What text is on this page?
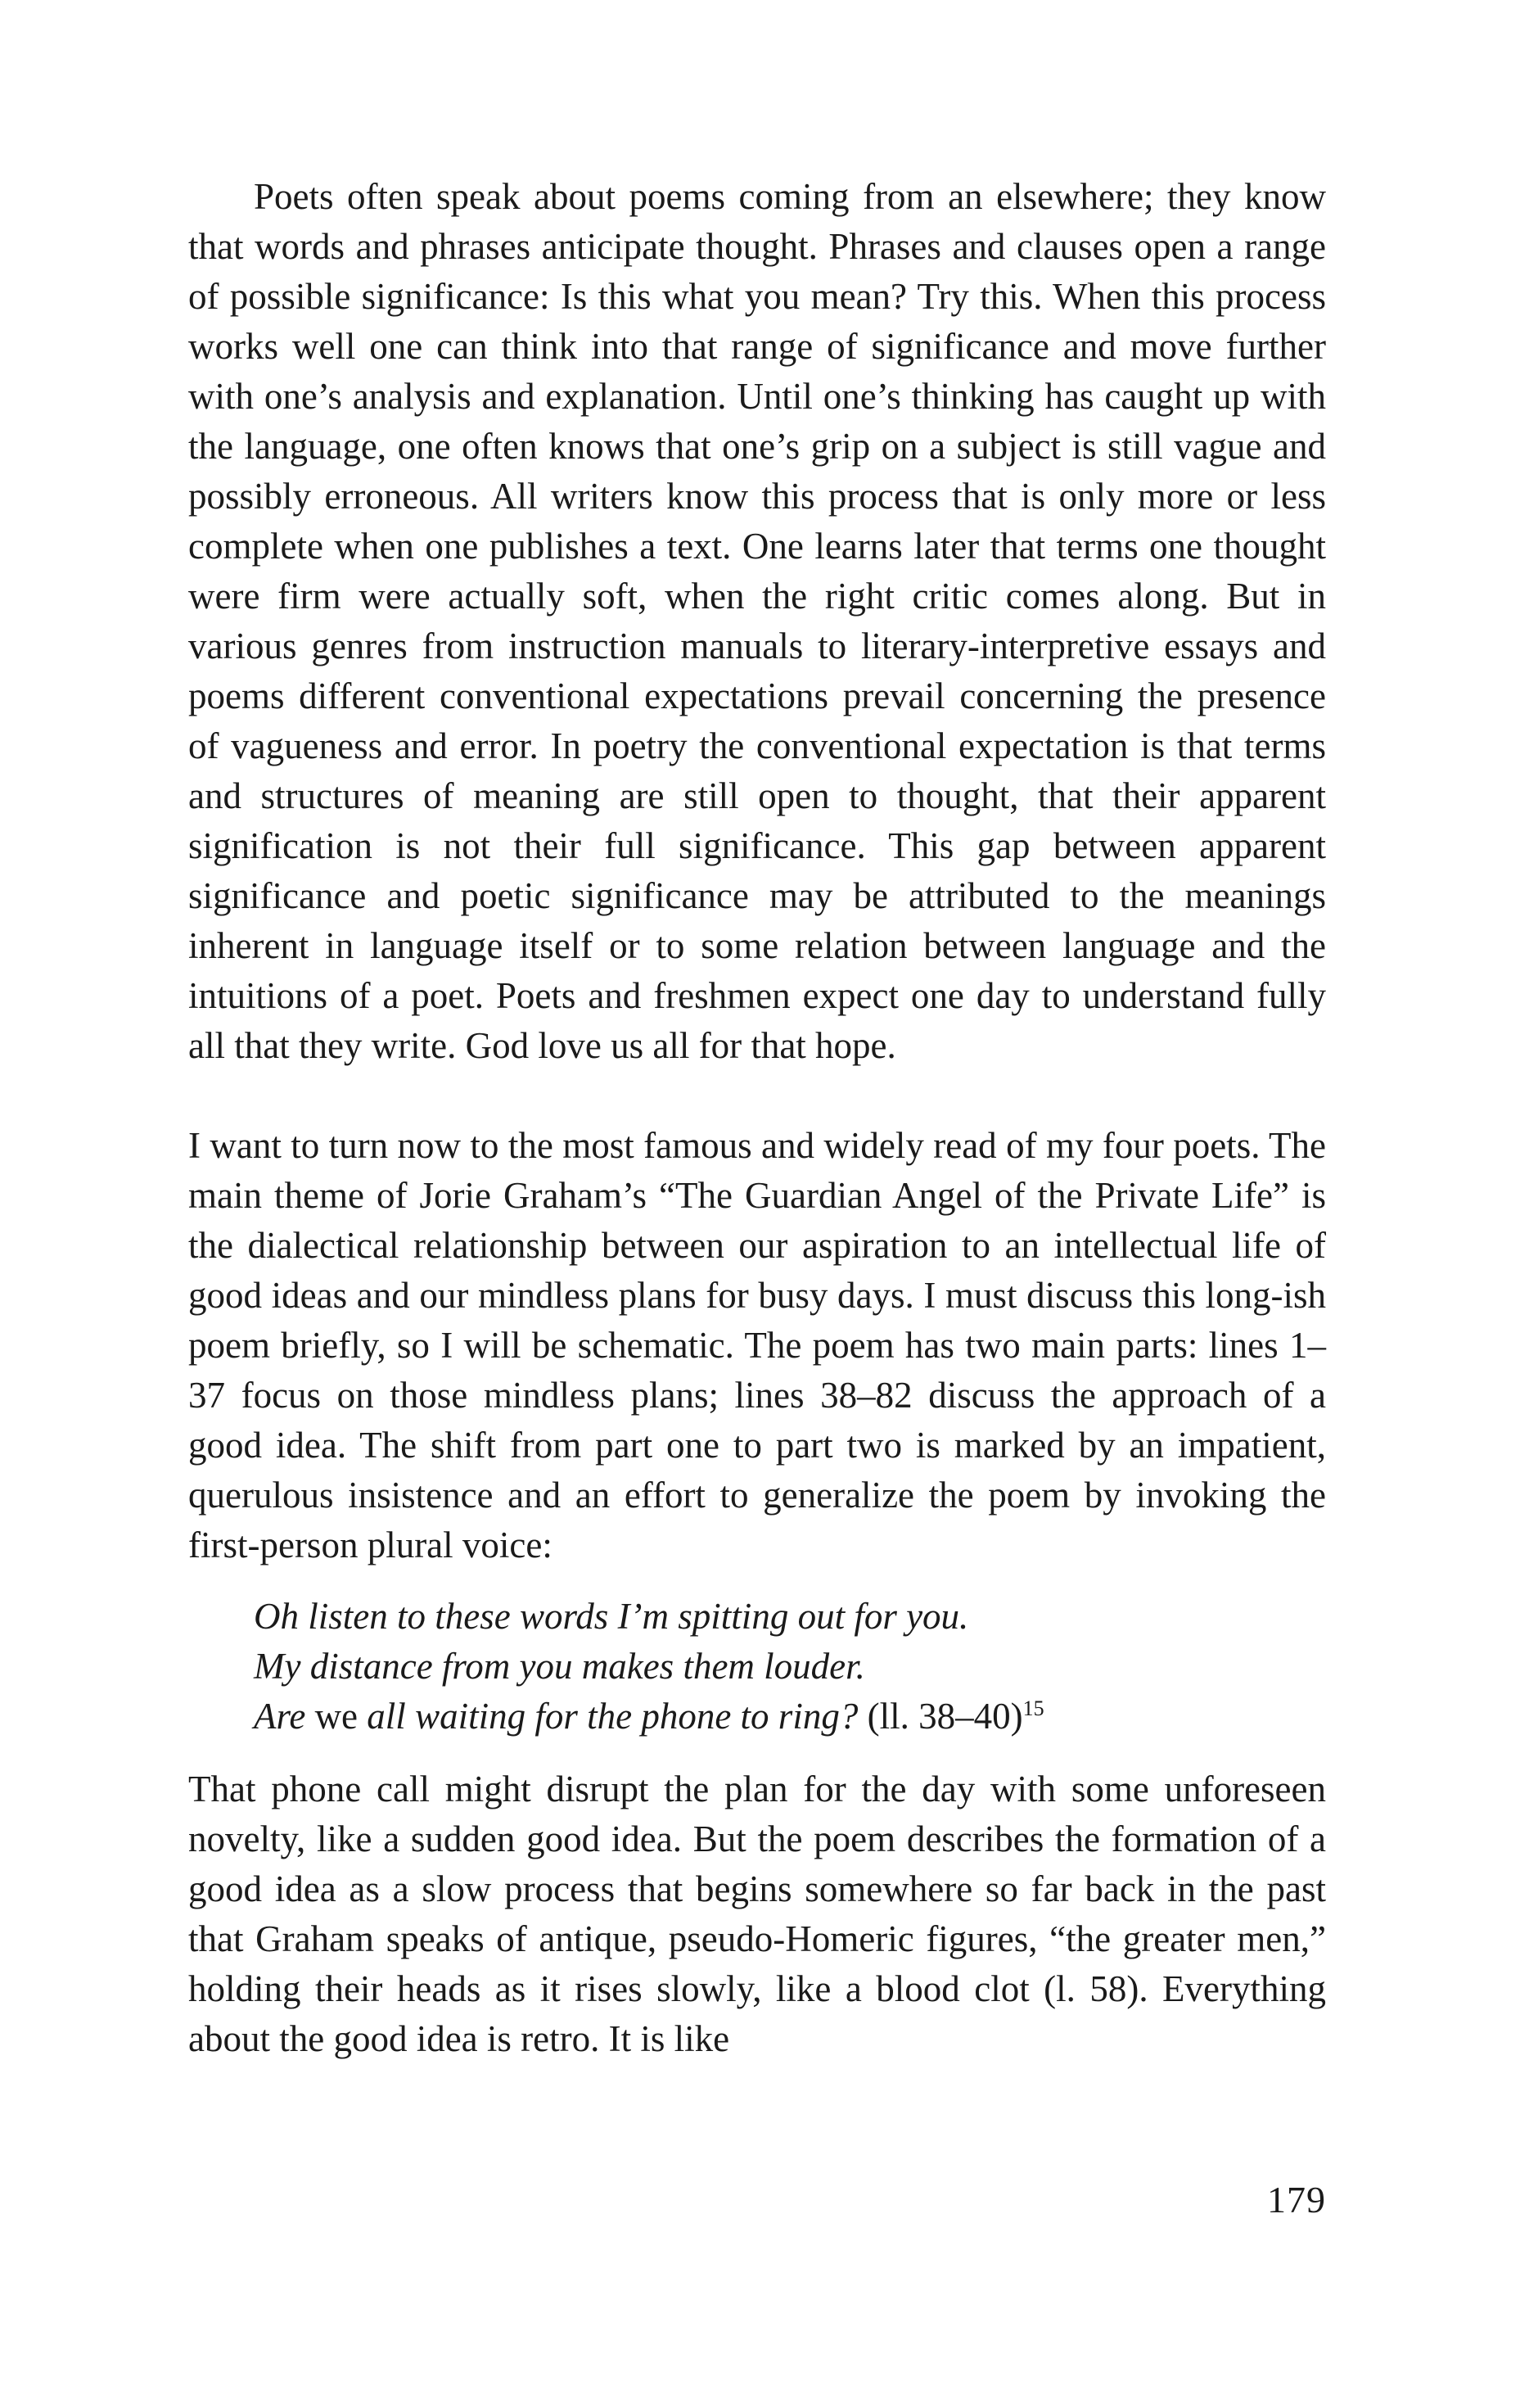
Poets often speak about poems coming from an elsewhere; they know that words and phrases anticipate thought. Phrases and clauses open a range of possible significance: Is this what you mean? Try this. When this process works well one can think into that range of significance and move further with one’s analysis and explanation. Until one’s thinking has caught up with the language, one often knows that one’s grip on a subject is still vague and possibly erroneous. All writers know this process that is only more or less complete when one publishes a text. One learns later that terms one thought were firm were actually soft, when the right critic comes along. But in various genres from instruction manuals to literary-interpretive essays and poems different conventional expectations prevail concerning the presence of vagueness and error. In poetry the conventional expectation is that terms and structures of meaning are still open to thought, that their apparent signification is not their full significance. This gap between apparent significance and poetic significance may be attributed to the meanings inherent in language itself or to some relation between language and the intuitions of a poet. Poets and freshmen expect one day to understand fully all that they write. God love us all for that hope.

I want to turn now to the most famous and widely read of my four poets. The main theme of Jorie Graham’s “The Guardian Angel of the Private Life” is the dialectical relationship between our aspiration to an intellectual life of good ideas and our mindless plans for busy days. I must discuss this long-ish poem briefly, so I will be schematic. The poem has two main parts: lines 1–37 focus on those mindless plans; lines 38–82 discuss the approach of a good idea. The shift from part one to part two is marked by an impatient, querulous insistence and an effort to generalize the poem by invoking the first-person plural voice:

Oh listen to these words I’m spitting out for you.
My distance from you makes them louder.
Are we all waiting for the phone to ring? (ll. 38–40)$^{15}$

That phone call might disrupt the plan for the day with some unforeseen novelty, like a sudden good idea. But the poem describes the formation of a good idea as a slow process that begins somewhere so far back in the past that Graham speaks of antique, pseudo-Homeric figures, “the greater men,” holding their heads as it rises slowly, like a blood clot (l. 58). Everything about the good idea is retro. It is like

179
